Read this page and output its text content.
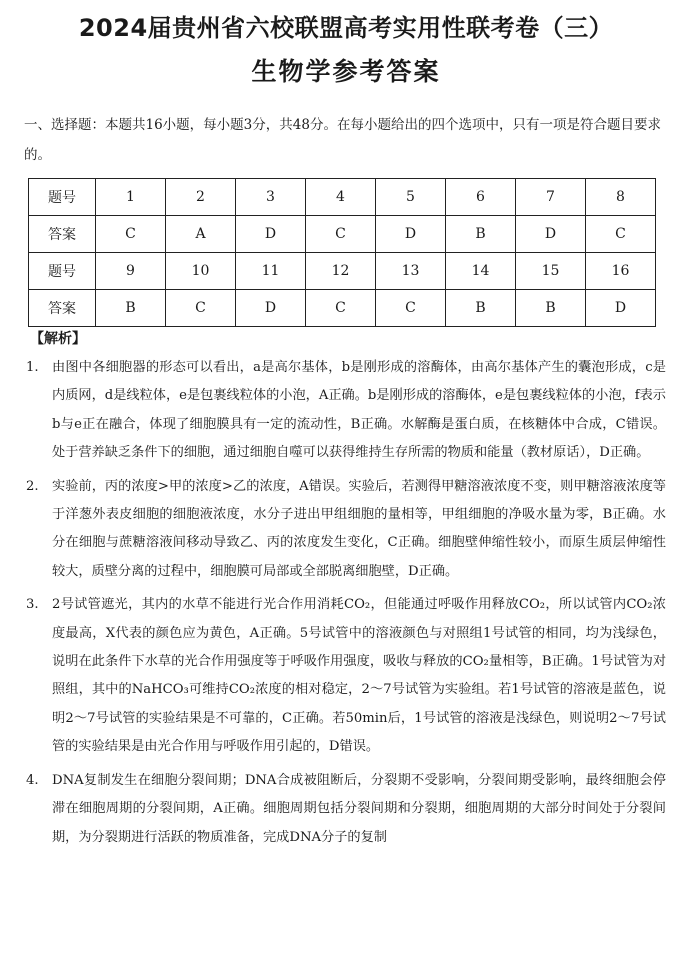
2024届贵州省六校联盟高考实用性联考卷（三）
生物学参考答案
一、选择题：本题共16小题，每小题3分，共48分。在每小题给出的四个选项中，只有一项是符合题目要求的。
题号	1	2	3	4	5	6	7	8
答案	C	A	D	C	D	B	D	C
题号	9	10	11	12	13	14	15	16
答案	B	C	D	C	C	B	B	D
【解析】
1. 由图中各细胞器的形态可以看出，a是高尔基体，b是刚形成的溶酶体，由高尔基体产生的囊泡形成，c是内质网，d是线粒体，e是包裹线粒体的小泡，A正确。b是刚形成的溶酶体，e是包裹线粒体的小泡，f表示b与e正在融合，体现了细胞膜具有一定的流动性，B正确。水解酶是蛋白质，在核糖体中合成，C错误。处于营养缺乏条件下的细胞，通过细胞自噬可以获得维持生存所需的物质和能量（教材原话），D正确。
2. 实验前，丙的浓度>甲的浓度>乙的浓度，A错误。实验后，若测得甲糖溶液浓度不变，则甲糖溶液浓度等于洋葱外表皮细胞的细胞液浓度，水分子进出甲组细胞的量相等，甲组细胞的净吸水量为零，B正确。水分在细胞与蔗糖溶液间移动导致乙、丙的浓度发生变化，C正确。细胞壁伸缩性较小，而原生质层伸缩性较大，质壁分离的过程中，细胞膜可局部或全部脱离细胞壁，D正确。
3. 2号试管遮光，其内的水草不能进行光合作用消耗CO₂，但能通过呼吸作用释放CO₂，所以试管内CO₂浓度最高，X代表的颜色应为黄色，A正确。5号试管中的溶液颜色与对照组1号试管的相同，均为浅绿色，说明在此条件下水草的光合作用强度等于呼吸作用强度，吸收与释放的CO₂量相等，B正确。1号试管为对照组，其中的NaHCO₃可维持CO₂浓度的相对稳定，2～7号试管为实验组。若1号试管的溶液是蓝色，说明2～7号试管的实验结果是不可靠的，C正确。若50min后，1号试管的溶液是浅绿色，则说明2～7号试管的实验结果是由光合作用与呼吸作用引起的，D错误。
4. DNA复制发生在细胞分裂间期；DNA合成被阻断后，分裂期不受影响，分裂间期受影响，最终细胞会停滞在细胞周期的分裂间期，A正确。细胞周期包括分裂间期和分裂期，细胞周期的大部分时间处于分裂间期，为分裂期进行活跃的物质准备，完成DNA分子的复制
